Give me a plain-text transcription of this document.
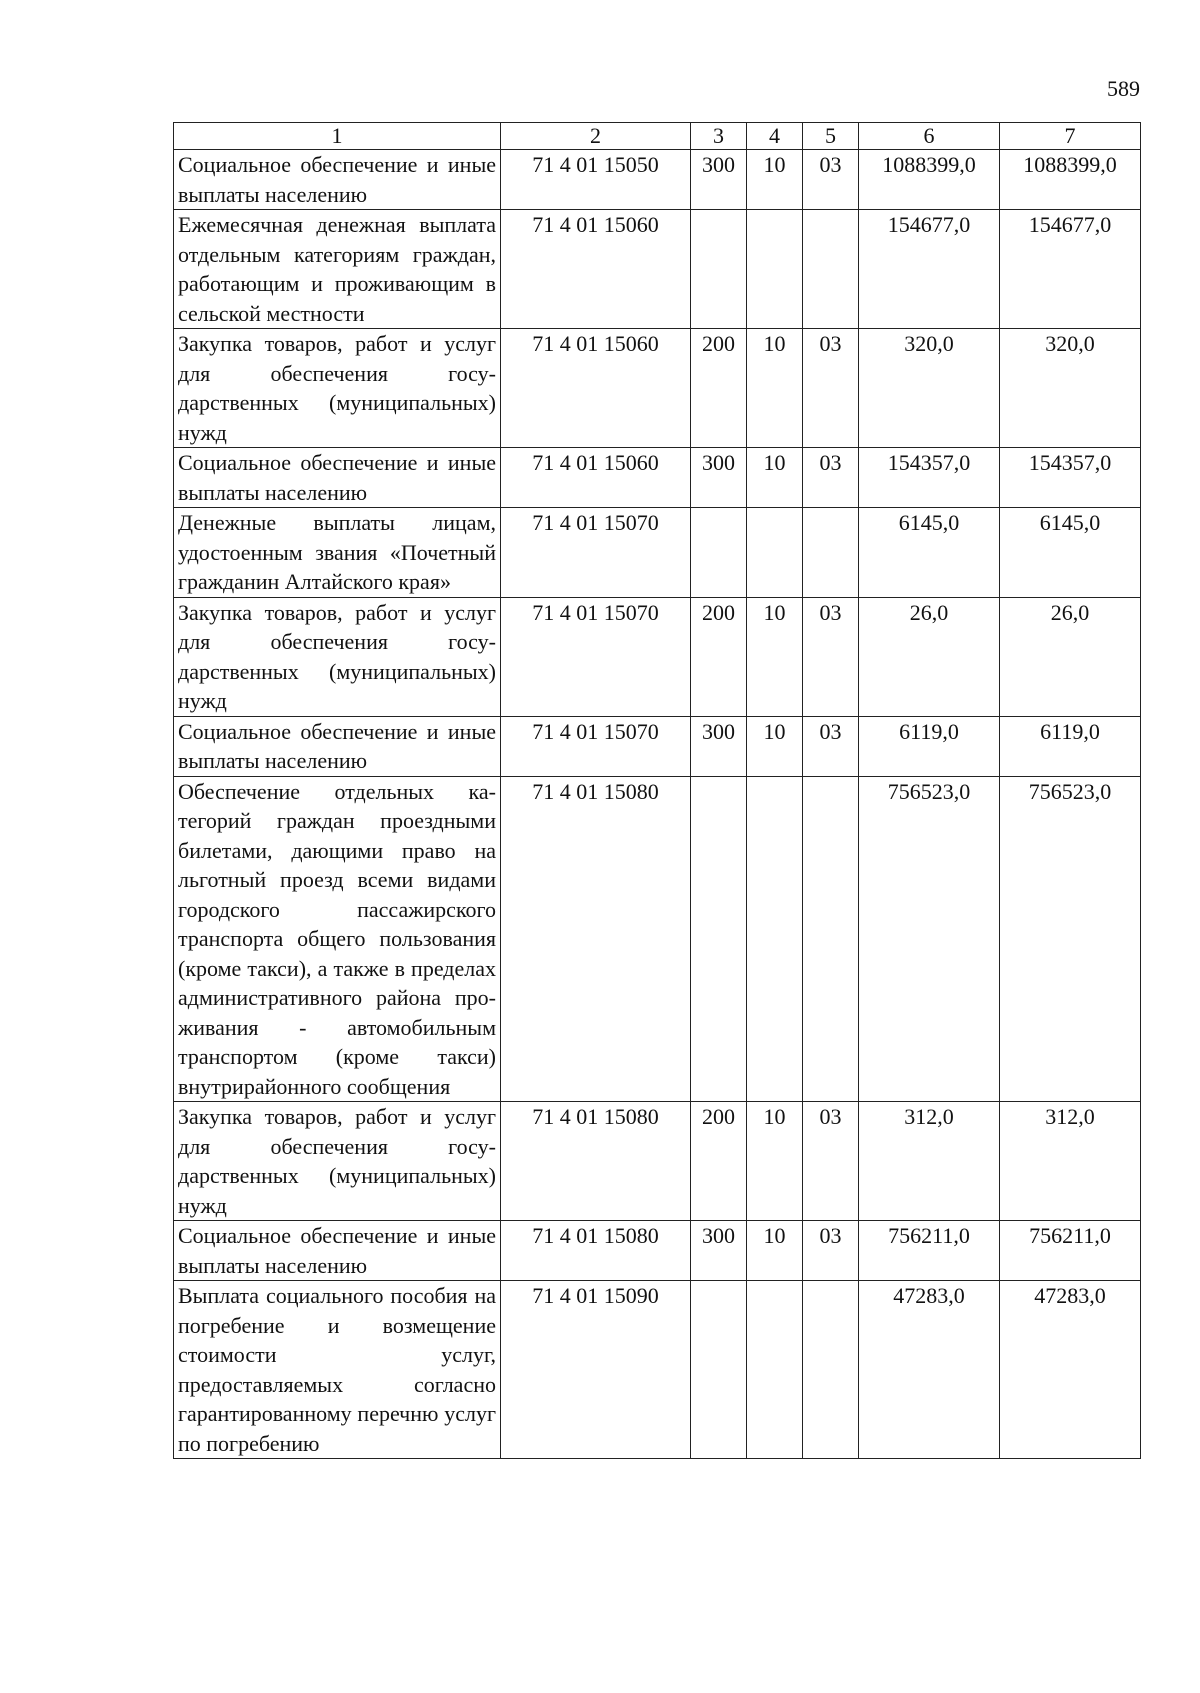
589
1	2	3	4	5	6	7
Социальное обеспечение и иные выплаты населению	71 4 01 15050	300	10	03	1088399,0	1088399,0
Ежемесячная денежная выплата отдельным категориям граждан, работающим и проживающим в сельской местности	71 4 01 15060				154677,0	154677,0
Закупка товаров, работ и услуг для обеспечения государственных (муниципальных) нужд	71 4 01 15060	200	10	03	320,0	320,0
Социальное обеспечение и иные выплаты населению	71 4 01 15060	300	10	03	154357,0	154357,0
Денежные выплаты лицам, удостоенным звания «Почетный гражданин Алтайского края»	71 4 01 15070				6145,0	6145,0
Закупка товаров, работ и услуг для обеспечения государственных (муниципальных) нужд	71 4 01 15070	200	10	03	26,0	26,0
Социальное обеспечение и иные выплаты населению	71 4 01 15070	300	10	03	6119,0	6119,0
Обеспечение отдельных категорий граждан проездными билетами, дающими право на льготный проезд всеми видами городского пассажирского транспорта общего пользования (кроме такси), а также в пределах административного района проживания - автомобильным транспортом (кроме такси) внутрирайонного сообщения	71 4 01 15080				756523,0	756523,0
Закупка товаров, работ и услуг для обеспечения государственных (муниципальных) нужд	71 4 01 15080	200	10	03	312,0	312,0
Социальное обеспечение и иные выплаты населению	71 4 01 15080	300	10	03	756211,0	756211,0
Выплата социального пособия на погребение и возмещение стоимости услуг, предоставляемых согласно гарантированному перечню услуг по погребению	71 4 01 15090				47283,0	47283,0
